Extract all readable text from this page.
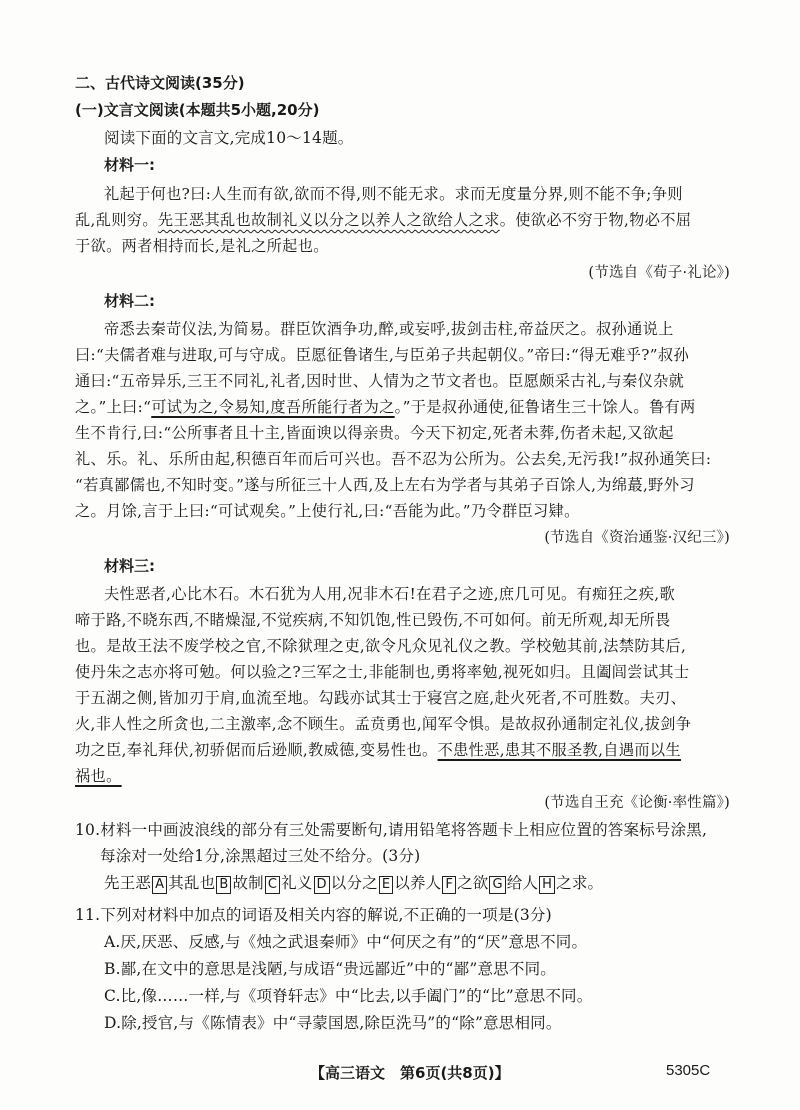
二、古代诗文阅读(35分)
(一)文言文阅读(本题共5小题,20分)
阅读下面的文言文,完成10～14题。
材料一:
礼起于何也?曰:人生而有欲,欲而不得,则不能无求。求而无度量分界,则不能不争;争则
乱,乱则穷。先王恶其乱也故制礼义以分之以养人之欲给人之求。使欲必不穷于物,物必不屈
于欲。两者相持而长,是礼之所起也。
(节选自《荀子·礼论》)
材料二:
帝悉去秦苛仪法,为简易。群臣饮酒争功,醉,或妄呼,拔剑击柱,帝益厌之。叔孙通说上
曰:“夫儒者难与进取,可与守成。臣愿征鲁诸生,与臣弟子共起朝仪。”帝曰:“得无难乎?”叔孙
通曰:“五帝异乐,三王不同礼,礼者,因时世、人情为之节文者也。臣愿颇采古礼,与秦仪杂就
之。”上曰:“可试为之,令易知,度吾所能行者为之。”于是叔孙通使,征鲁诸生三十馀人。鲁有两
生不肯行,曰:“公所事者且十主,皆面谀以得亲贵。今天下初定,死者未葬,伤者未起,又欲起
礼、乐。礼、乐所由起,积德百年而后可兴也。吾不忍为公所为。公去矣,无污我!”叔孙通笑曰:
“若真鄙儒也,不知时变。”遂与所征三十人西,及上左右为学者与其弟子百馀人,为绵蕞,野外习
之。月馀,言于上曰:“可试观矣。”上使行礼,曰:“吾能为此。”乃令群臣习肄。
(节选自《资治通鉴·汉纪三》)
材料三:
夫性恶者,心比木石。木石犹为人用,况非木石!在君子之迹,庶几可见。有痴狂之疾,歌
啼于路,不晓东西,不睹燥湿,不觉疾病,不知饥饱,性已毁伤,不可如何。前无所观,却无所畏
也。是故王法不废学校之官,不除狱理之吏,欲令凡众见礼仪之教。学校勉其前,法禁防其后,
使丹朱之志亦将可勉。何以验之?三军之士,非能制也,勇将率勉,视死如归。且阖闾尝试其士
于五湖之侧,皆加刃于肩,血流至地。勾践亦试其士于寝宫之庭,赴火死者,不可胜数。夫刃、
火,非人性之所贪也,二主激率,念不顾生。孟贲勇也,闻军令惧。是故叔孙通制定礼仪,拔剑争
功之臣,奉礼拜伏,初骄倨而后逊顺,教威德,变易性也。不患性恶,患其不服圣教,自遇而以生
祸也。
(节选自王充《论衡·率性篇》)
10.材料一中画波浪线的部分有三处需要断句,请用铅笔将答题卡上相应位置的答案标号涂黑,
每涂对一处给1分,涂黑超过三处不给分。(3分)
先王恶 A 其乱也 B 故制 C 礼义 D 以分之 E 以养人 F 之欲 G 给人 H 之求。
11.下列对材料中加点的词语及相关内容的解说,不正确的一项是(3分)
A.厌,厌恶、反感,与《烛之武退秦师》中“何厌之有”的“厌”意思不同。
B.鄙,在文中的意思是浅陋,与成语“贵远鄙近”中的“鄙”意思不同。
C.比,像……一样,与《项脊轩志》中“比去,以手阖门”的“比”意思不同。
D.除,授官,与《陈情表》中“寻蒙国恩,除臣洗马”的“除”意思相同。
【高三语文　第6页(共8页)】	5305C
